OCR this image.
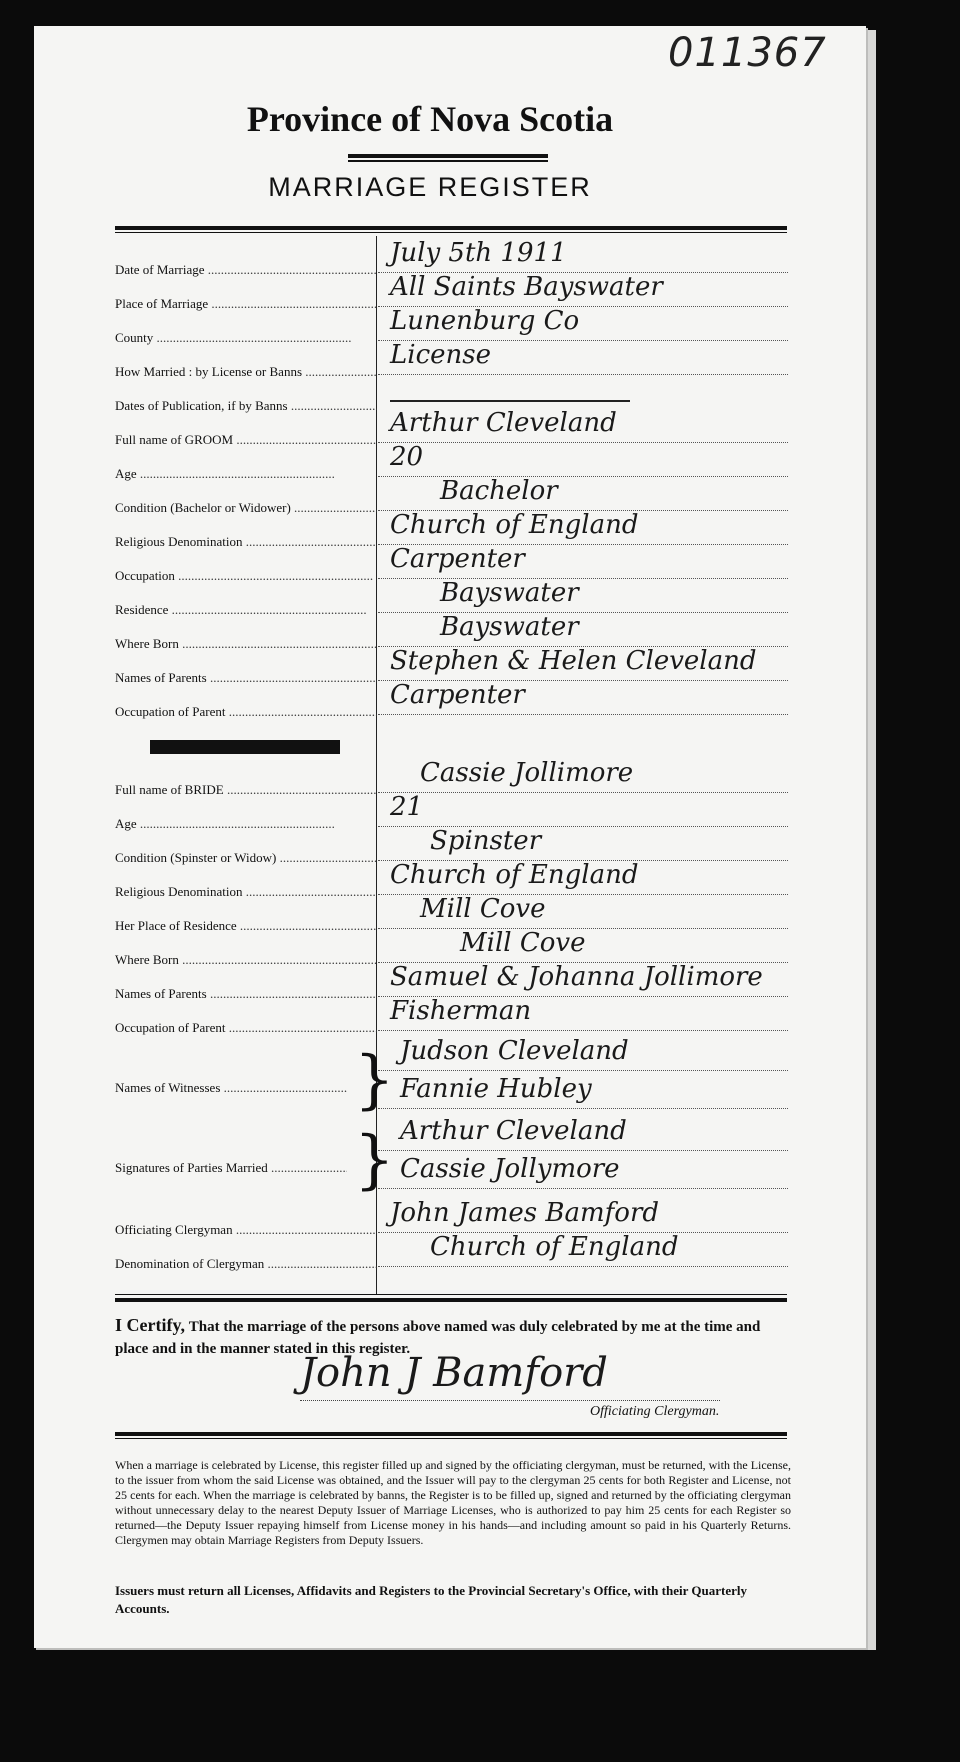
011367
Province of Nova Scotia
MARRIAGE REGISTER
Date of Marriage .....
July 5th 1911
Place of Marriage .....
All Saints Bayswater
County .....
Lunenburg Co
How Married : by License or Banns .....
License
Dates of Publication, if by Banns .....
Full name of GROOM .....
Arthur Cleveland
Age .....
20
Condition (Bachelor or Widower) .....
Bachelor
Religious Denomination .....
Church of England
Occupation .....
Carpenter
Residence .....
Bayswater
Where Born .....
Bayswater
Names of Parents .....
Stephen & Helen Cleveland
Occupation of Parent .....
Carpenter
Full name of BRIDE .....
Cassie Jollimore
Age .....
21
Condition (Spinster or Widow) .....
Spinster
Religious Denomination .....
Church of England
Her Place of Residence .....
Mill Cove
Where Born .....
Mill Cove
Names of Parents .....
Samuel & Johanna Jollimore
Occupation of Parent .....
Fisherman
Names of Witnesses .....	} Judson Cleveland
Fannie Hubley
Signatures of Parties Married .....	} Arthur Cleveland
Cassie Jollymore
Officiating Clergyman .....
John James Bamford
Denomination of Clergyman .....
Church of England
I Certify, That the marriage of the persons above named was duly celebrated by me at the time and place and in the manner stated in this register.
John J Bamford
Officiating Clergyman.
When a marriage is celebrated by License, this register filled up and signed by the officiating clergyman, must be returned, with the License, to the issuer from whom the said License was obtained, and the Issuer will pay to the clergyman 25 cents for both Register and License, not 25 cents for each. When the marriage is celebrated by banns, the Register is to be filled up, signed and returned by the officiating clergyman without unnecessary delay to the nearest Deputy Issuer of Marriage Licenses, who is authorized to pay him 25 cents for each Register so returned—the Deputy Issuer repaying himself from License money in his hands—and including amount so paid in his Quarterly Returns. Clergymen may obtain Marriage Registers from Deputy Issuers.
Issuers must return all Licenses, Affidavits and Registers to the Provincial Secretary's Office, with their Quarterly Accounts.
